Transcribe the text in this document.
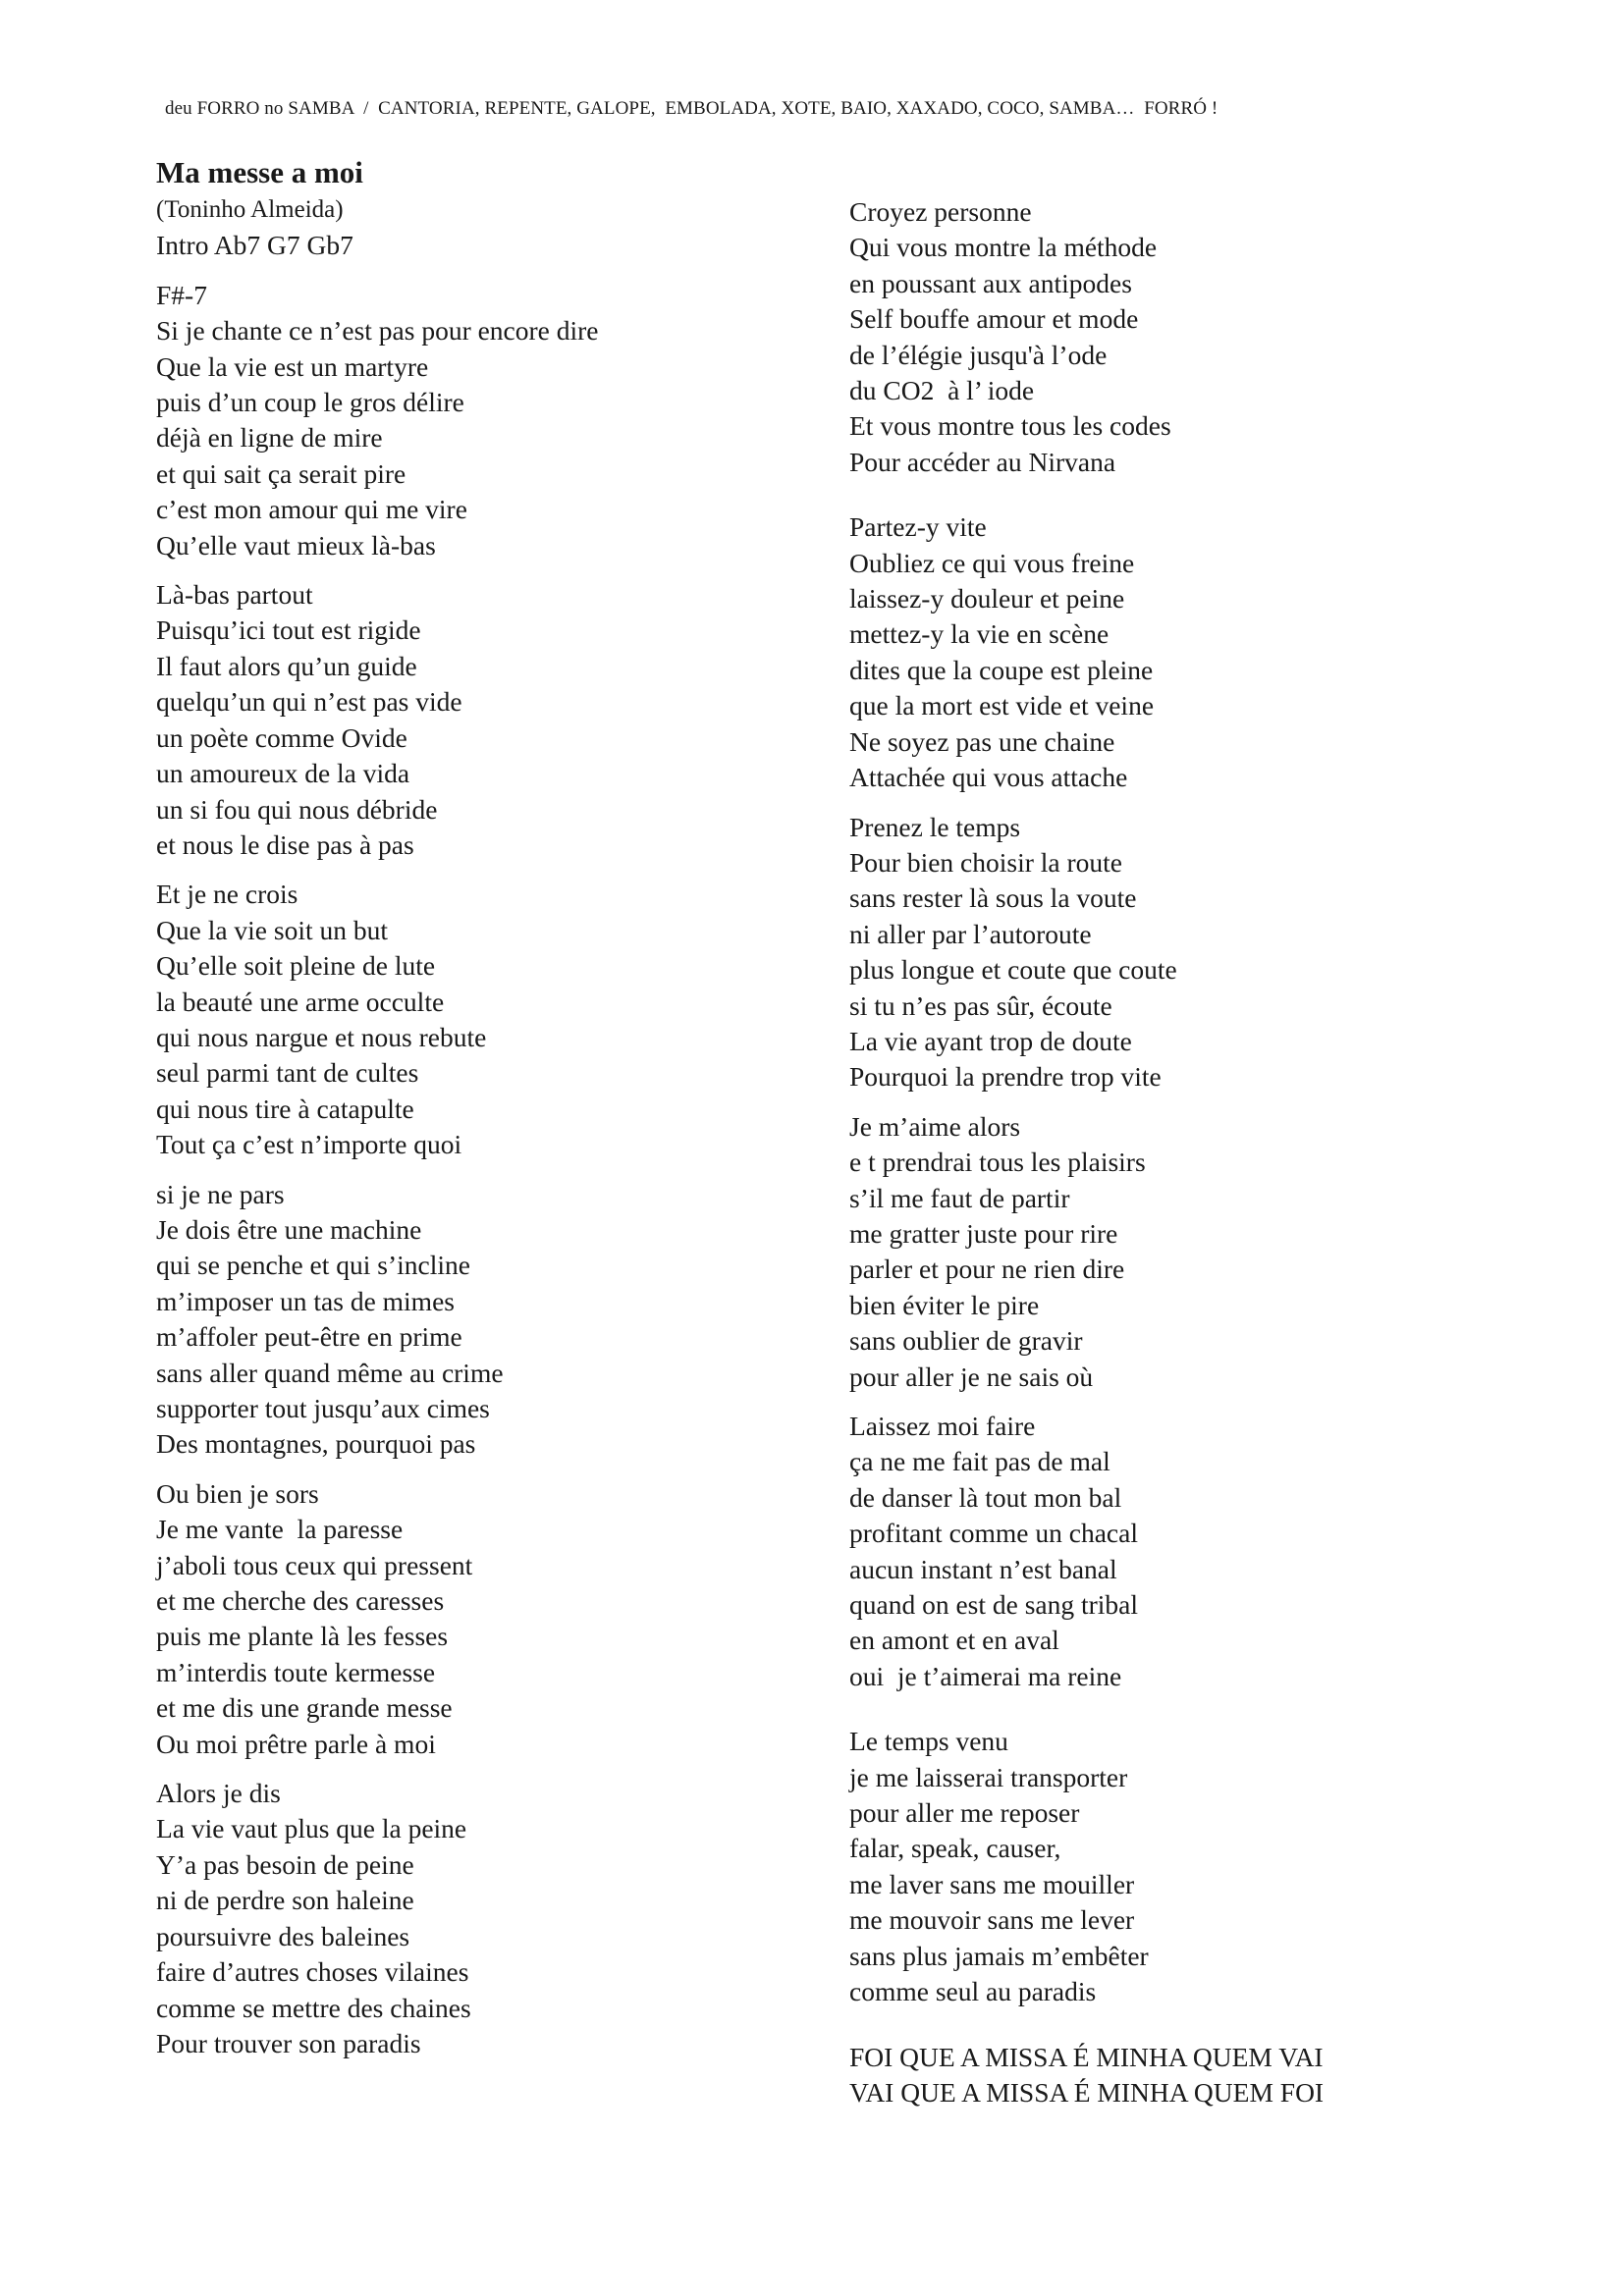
deu FORRO no SAMBA  /  CANTORIA, REPENTE, GALOPE,  EMBOLADA, XOTE, BAIO, XAXADO, COCO, SAMBA…  FORRÓ !
Ma messe a moi
(Toninho Almeida)
Intro Ab7 G7 Gb7
F#-7
Si je chante ce n’est pas pour encore dire
Que la vie est un martyre
puis d’un coup le gros délire
déjà en ligne de mire
et qui sait ça serait pire
c’est mon amour qui me vire
Qu’elle vaut mieux là-bas
Là-bas partout
Puisqu’ici tout est rigide
Il faut alors qu’un guide
quelqu’un qui n’est pas vide
un poète comme Ovide
un amoureux de la vida
un si fou qui nous débride
et nous le dise pas à pas
Et je ne crois
Que la vie soit un but
Qu’elle soit pleine de lute
la beauté une arme occulte
qui nous nargue et nous rebute
seul parmi tant de cultes
qui nous tire à catapulte
Tout ça c’est n’importe quoi
si je ne pars
Je dois être une machine
qui se penche et qui s’incline
m’imposer un tas de mimes
m’affoler peut-être en prime
sans aller quand même au crime
supporter tout jusqu’aux cimes
Des montagnes, pourquoi pas
Ou bien je sors
Je me vante  la paresse
j’aboli tous ceux qui pressent
et me cherche des caresses
puis me plante là les fesses
m’interdis toute kermesse
et me dis une grande messe
Ou moi prêtre parle à moi
Alors je dis
La vie vaut plus que la peine
Y’a pas besoin de peine
ni de perdre son haleine
poursuivre des baleines
faire d’autres choses vilaines
comme se mettre des chaines
Pour trouver son paradis
Croyez personne
Qui vous montre la méthode
en poussant aux antipodes
Self bouffe amour et mode
de l’élégie jusqu'à l’ode
du CO2  à l’ iode
Et vous montre tous les codes
Pour accéder au Nirvana
Partez-y vite
Oubliez ce qui vous freine
laissez-y douleur et peine
mettez-y la vie en scène
dites que la coupe est pleine
que la mort est vide et veine
Ne soyez pas une chaine
Attachée qui vous attache
Prenez le temps
Pour bien choisir la route
sans rester là sous la voute
ni aller par l’autoroute
plus longue et coute que coute
si tu n’es pas sûr, écoute
La vie ayant trop de doute
Pourquoi la prendre trop vite
Je m’aime alors
e t prendrai tous les plaisirs
s’il me faut de partir
me gratter juste pour rire
parler et pour ne rien dire
bien éviter le pire
sans oublier de gravir
pour aller je ne sais où
Laissez moi faire
ça ne me fait pas de mal
de danser là tout mon bal
profitant comme un chacal
aucun instant n’est banal
quand on est de sang tribal
en amont et en aval
oui  je t’aimerai ma reine
Le temps venu
je me laisserai transporter
pour aller me reposer
falar, speak, causer,
me laver sans me mouiller
me mouvoir sans me lever
sans plus jamais m’embêter
comme seul au paradis
FOI QUE A MISSA É MINHA QUEM VAI
VAI QUE A MISSA É MINHA QUEM FOI
